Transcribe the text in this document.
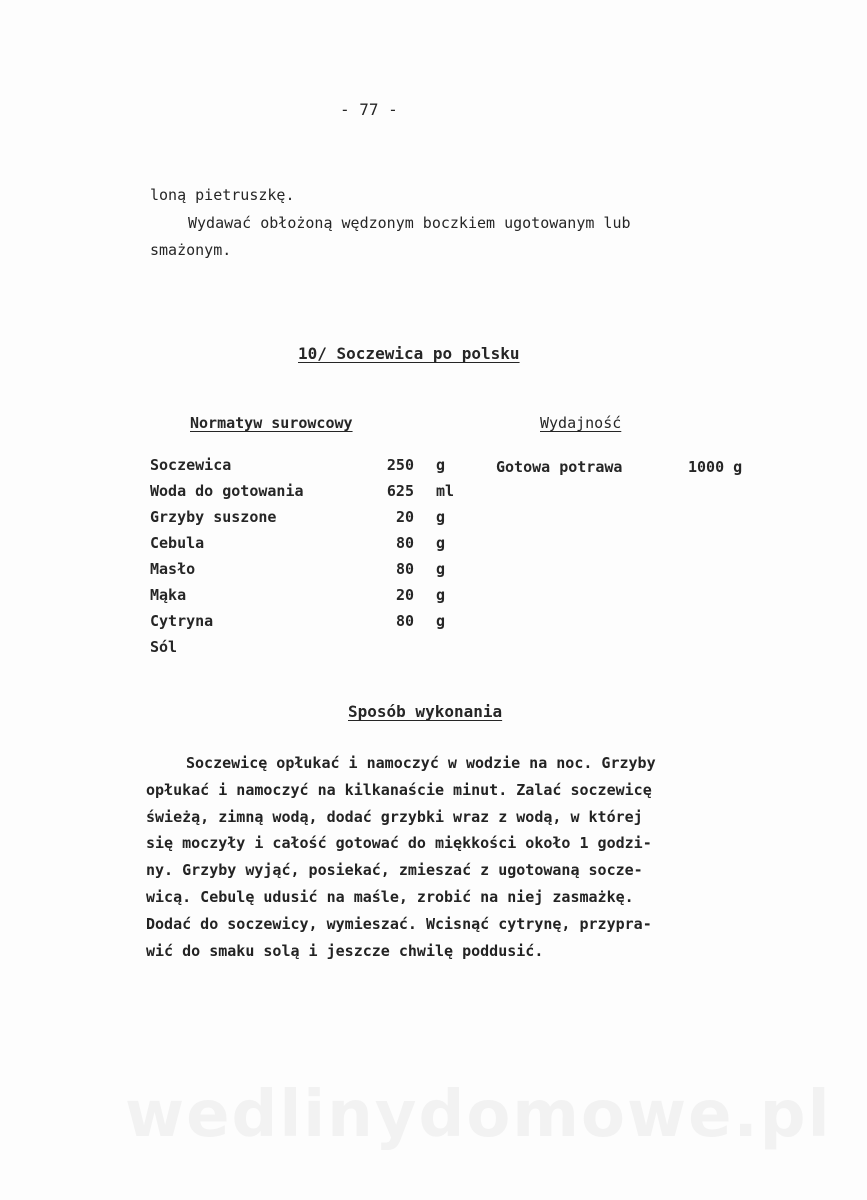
- 77 -
loną pietruszkę.
Wydawać obłożoną wędzonym boczkiem ugotowanym lub
smażonym.
10/ Soczewica po polsku
Normatyw surowcowy	Wydajność
Soczewica	250 g
Woda do gotowania	625 ml
Grzyby suszone	20 g
Cebula	80 g
Masło	80 g
Mąka	20 g
Cytryna	80 g
Sól
Gotowa potrawa	1000 g
Sposób wykonania
Soczewicę opłukać i namoczyć w wodzie na noc. Grzyby
opłukać i namoczyć na kilkanaście minut. Zalać soczewicę
świeżą, zimną wodą, dodać grzybki wraz z wodą, w której
się moczyły i całość gotować do miękkości około 1 godzi-
ny. Grzyby wyjąć, posiekać, zmieszać z ugotowaną socze-
wicą. Cebulę udusić na maśle, zrobić na niej zasmażkę.
Dodać do soczewicy, wymieszać. Wcisnąć cytrynę, przypra-
wić do smaku solą i jeszcze chwilę poddusić.
wedlinydomowe.pl
